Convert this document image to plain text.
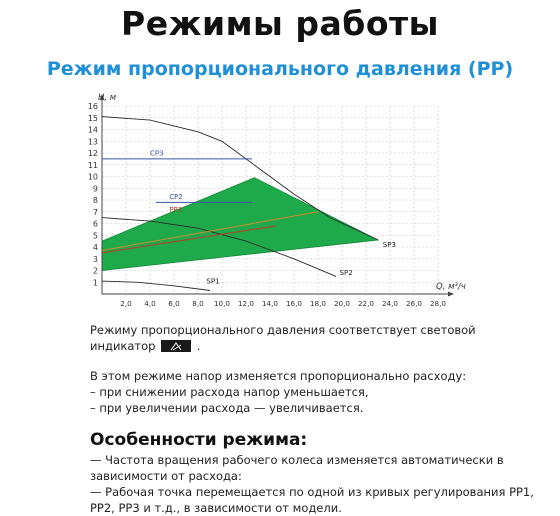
Режимы работы
Режим пропорционального давления (PP)
1
2
3
4
5
6
7
8
9
10
11
12
13
14
15
16
2,0 4,0 6,0 8,0 10,0 12,0 14,0 16,0 18,0 20,0 22,0 24,0 26,0 28,0
H, м
Q, м³/ч
SP1
SP2
SP3
CP3
CP2
PP3
Режиму пропорционального давления соответствует световой
индикатор	.
В этом режиме напор изменяется пропорционально расходу:
– при снижении расхода напор уменьшается,
– при увеличении расхода — увеличивается.
Особенности режима:
— Частота вращения рабочего колеса изменяется автоматически в
зависимости от расхода:
— Рабочая точка перемещается по одной из кривых регулирования PP1,
PP2, PP3 и т.д., в зависимости от модели.
